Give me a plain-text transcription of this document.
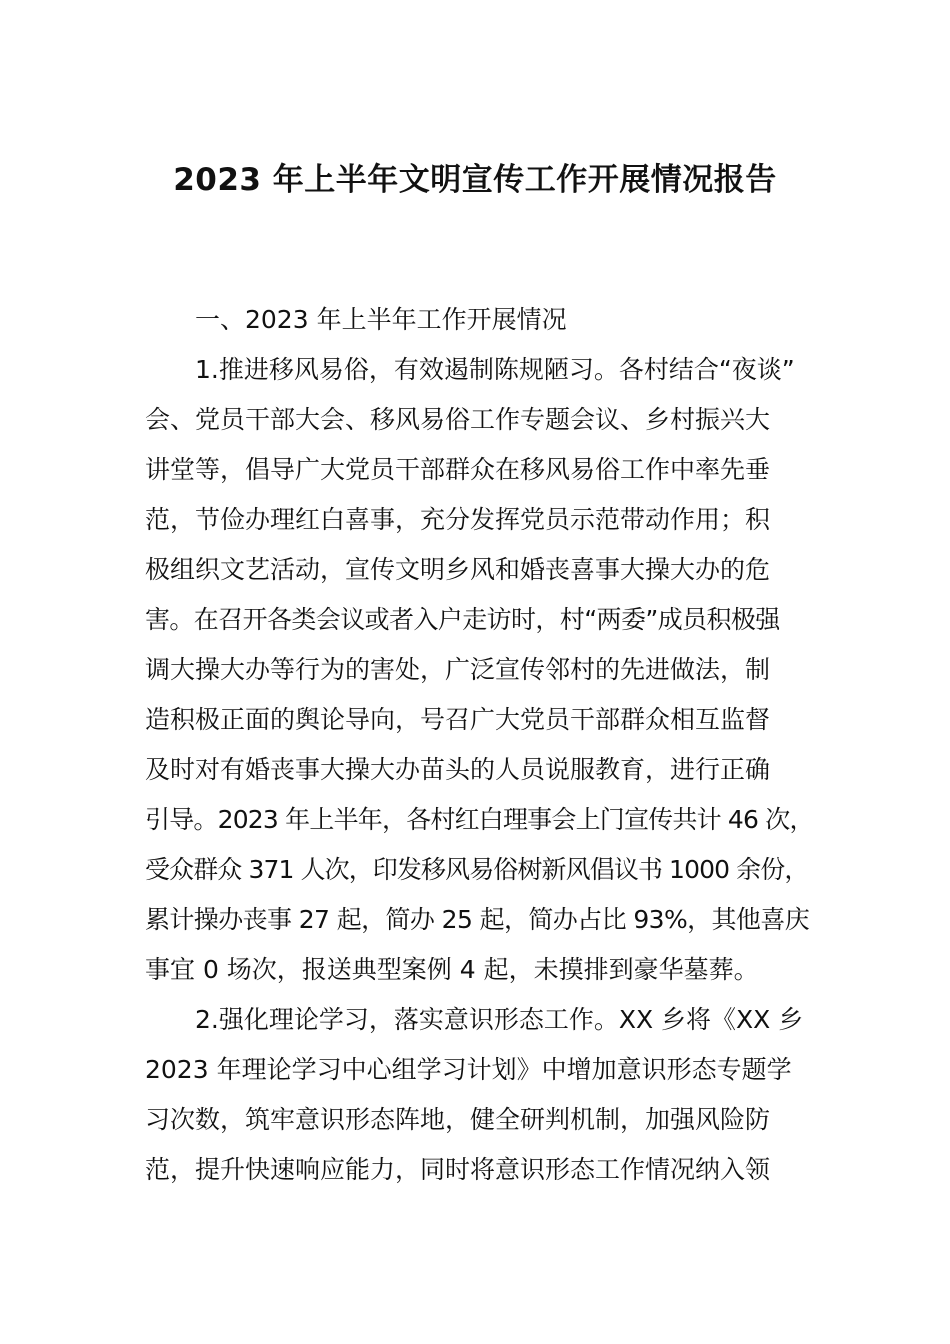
2023 年上半年文明宣传工作开展情况报告

一、2023 年上半年工作开展情况

1.推进移风易俗，有效遏制陈规陋习。各村结合“夜谈”

会、党员干部大会、移风易俗工作专题会议、乡村振兴大

讲堂等，倡导广大党员干部群众在移风易俗工作中率先垂

范，节俭办理红白喜事，充分发挥党员示范带动作用；积

极组织文艺活动，宣传文明乡风和婚丧喜事大操大办的危

害。在召开各类会议或者入户走访时，村“两委”成员积极强

调大操大办等行为的害处，广泛宣传邻村的先进做法，制

造积极正面的舆论导向，号召广大党员干部群众相互监督

及时对有婚丧事大操大办苗头的人员说服教育，进行正确

引导。2023 年上半年，各村红白理事会上门宣传共计 46 次，

受众群众 371 人次，印发移风易俗树新风倡议书 1000 余份，

累计操办丧事 27 起，简办 25 起，简办占比 93%，其他喜庆

事宜 0 场次，报送典型案例 4 起，未摸排到豪华墓葬。

2.强化理论学习，落实意识形态工作。XX 乡将《XX 乡

2023 年理论学习中心组学习计划》中增加意识形态专题学

习次数，筑牢意识形态阵地，健全研判机制，加强风险防

范，提升快速响应能力，同时将意识形态工作情况纳入领
